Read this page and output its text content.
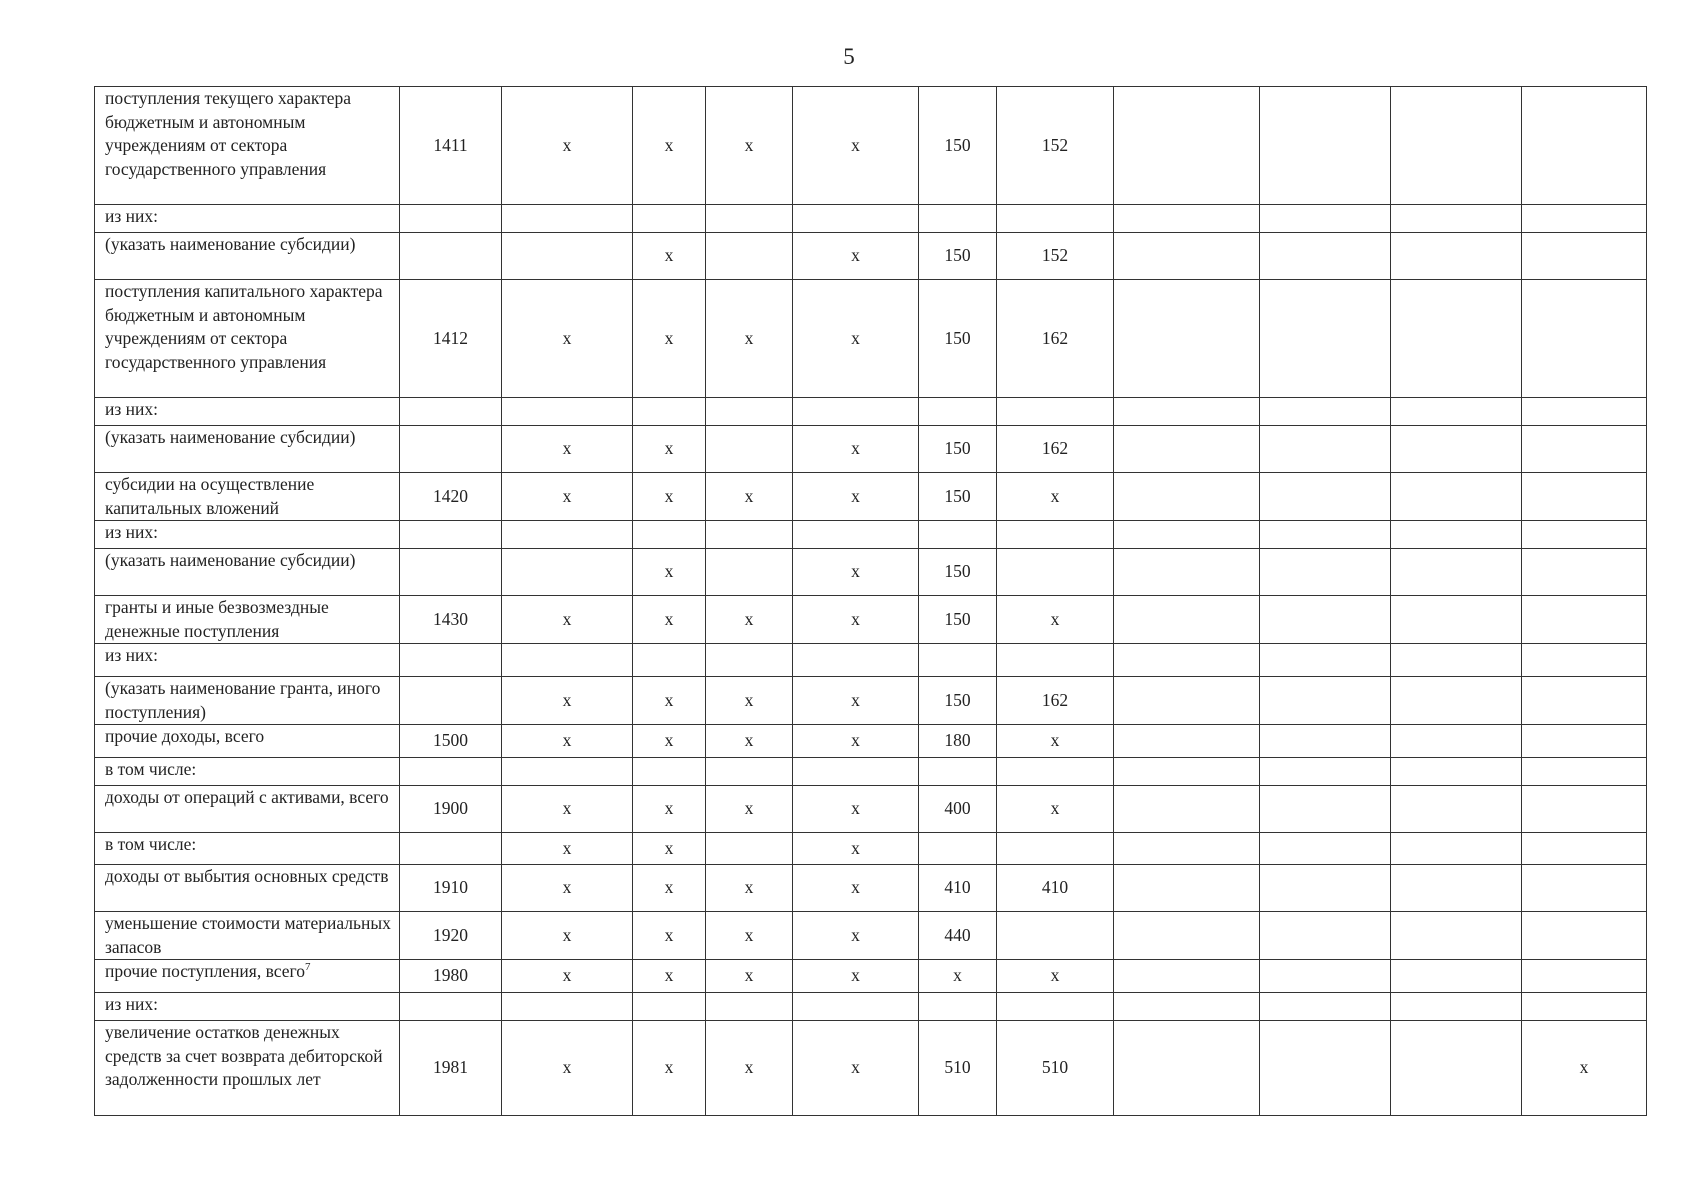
5
поступления текущего характера бюджетным и автономным учреждениям от сектора государственного управления	1411	х	х	х	х	150	152				
из них:											
(указать наименование субсидии)			х		х	150	152				
поступления капитального характера бюджетным и автономным учреждениям от сектора государственного управления	1412	х	х	х	х	150	162				
из них:											
(указать наименование субсидии)		х	х		х	150	162				
субсидии на осуществление капитальных вложений	1420	х	х	х	х	150	х				
из них:											
(указать наименование субсидии)			х		х	150					
гранты и иные безвозмездные денежные поступления	1430	х	х	х	х	150	х				
из них:											
(указать наименование гранта, иного поступления)		х	х	х	х	150	162				
прочие доходы, всего	1500	х	х	х	х	180	х				
в том числе:											
доходы от операций с активами, всего	1900	х	х	х	х	400	х				
в том числе:		х	х		х						
доходы от выбытия основных средств	1910	х	х	х	х	410	410				
уменьшение стоимости материальных запасов	1920	х	х	х	х	440					
прочие поступления, всего$^7$	1980	х	х	х	х	х	х				
из них:											
увеличение остатков денежных средств за счет возврата дебиторской задолженности прошлых лет	1981	х	х	х	х	510	510				х
